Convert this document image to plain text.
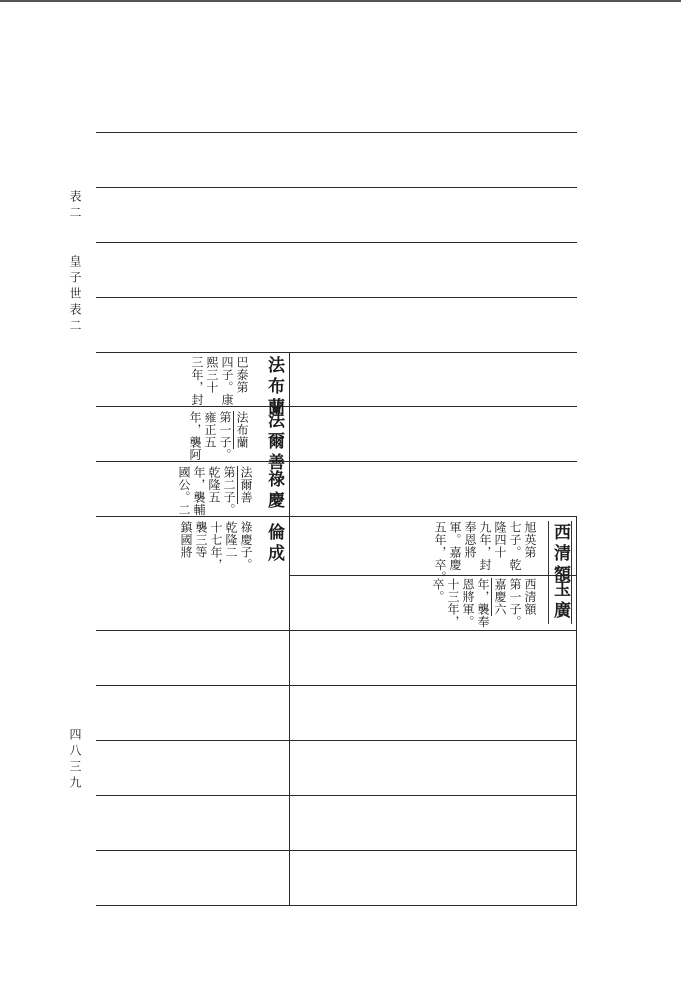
表二
皇子世表二
四八三九
法布蘭
巴泰第
四子。康
熙三十
三年，封
法爾善
法布蘭
第一子。
雍正五
年，襲阿
祿慶
法爾善
第二子。
乾隆五
年，襲輔
國公。二
倫成
祿慶子。
乾隆二
十七年，
襲三等
鎮國將	西清額
旭英第
七子。乾
隆四十
九年，封
奉恩將
軍。嘉慶
五年，卒。
玉廣
西清額
第一子。
嘉慶六
年，襲奉
恩將軍。
十三年，
卒。
